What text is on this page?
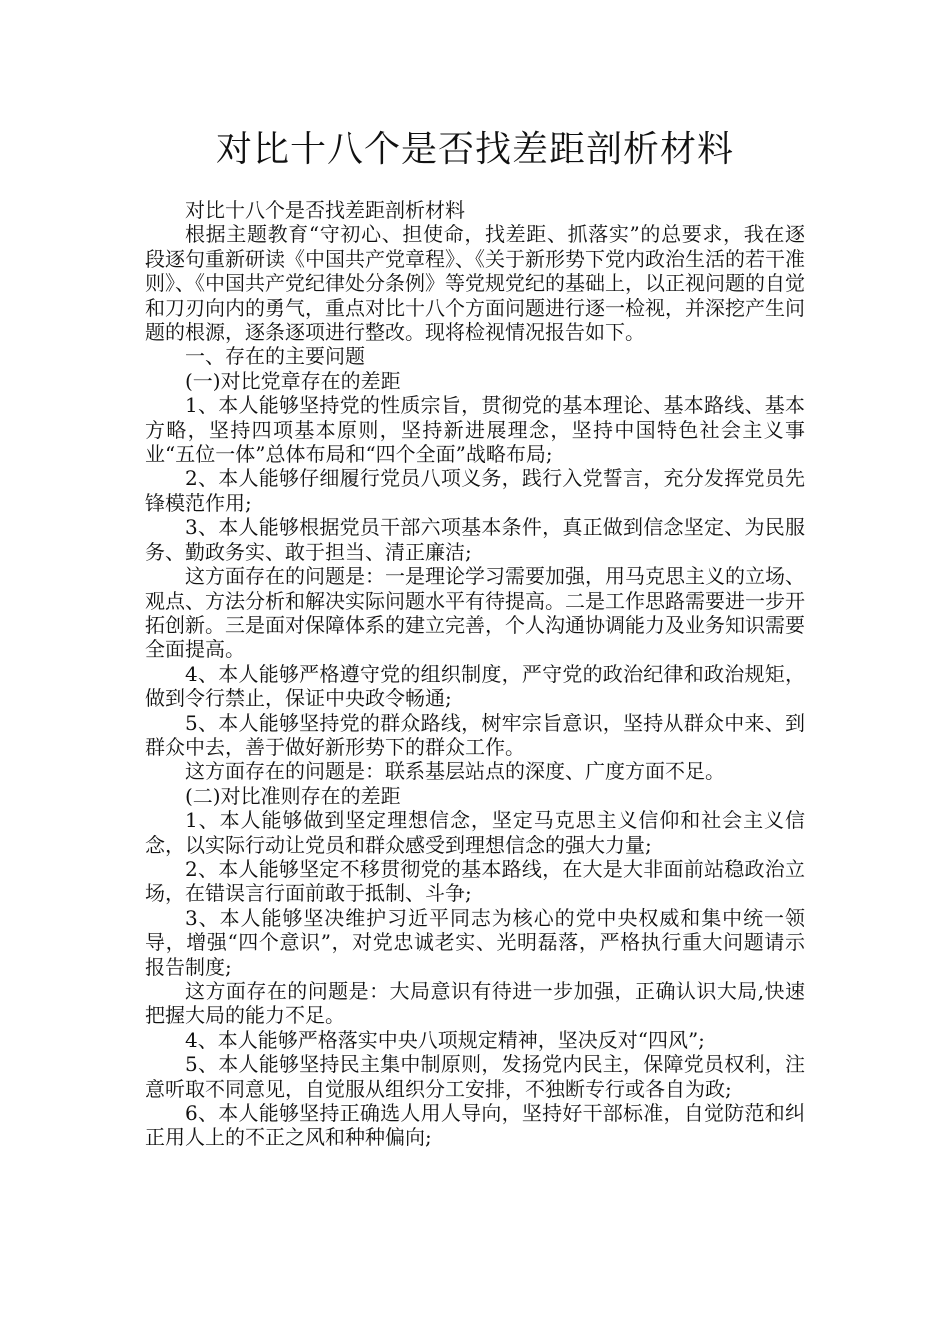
对比十八个是否找差距剖析材料

对比十八个是否找差距剖析材料

根据主题教育“守初心、担使命，找差距、抓落实”的总要求，我在逐段逐句重新研读《中国共产党章程》、《关于新形势下党内政治生活的若干准则》、《中国共产党纪律处分条例》等党规党纪的基础上，以正视问题的自觉和刀刃向内的勇气，重点对比十八个方面问题进行逐一检视，并深挖产生问题的根源，逐条逐项进行整改。现将检视情况报告如下。

一、存在的主要问题

(一)对比党章存在的差距

1、本人能够坚持党的性质宗旨，贯彻党的基本理论、基本路线、基本方略，坚持四项基本原则，坚持新进展理念，坚持中国特色社会主义事业“五位一体”总体布局和“四个全面”战略布局;

2、本人能够仔细履行党员八项义务，践行入党誓言，充分发挥党员先锋模范作用;

3、本人能够根据党员干部六项基本条件，真正做到信念坚定、为民服务、勤政务实、敢于担当、清正廉洁;

这方面存在的问题是：一是理论学习需要加强，用马克思主义的立场、观点、方法分析和解决实际问题水平有待提高。二是工作思路需要进一步开拓创新。三是面对保障体系的建立完善，个人沟通协调能力及业务知识需要全面提高。

4、本人能够严格遵守党的组织制度，严守党的政治纪律和政治规矩，做到令行禁止，保证中央政令畅通;

5、本人能够坚持党的群众路线，树牢宗旨意识，坚持从群众中来、到群众中去，善于做好新形势下的群众工作。

这方面存在的问题是：联系基层站点的深度、广度方面不足。

(二)对比准则存在的差距

1、本人能够做到坚定理想信念，坚定马克思主义信仰和社会主义信念，以实际行动让党员和群众感受到理想信念的强大力量;

2、本人能够坚定不移贯彻党的基本路线，在大是大非面前站稳政治立场，在错误言行面前敢于抵制、斗争;

3、本人能够坚决维护习近平同志为核心的党中央权威和集中统一领导，增强“四个意识”，对党忠诚老实、光明磊落，严格执行重大问题请示报告制度;

这方面存在的问题是：大局意识有待进一步加强，正确认识大局,快速把握大局的能力不足。

4、本人能够严格落实中央八项规定精神，坚决反对“四风”;

5、本人能够坚持民主集中制原则，发扬党内民主，保障党员权利，注意听取不同意见，自觉服从组织分工安排，不独断专行或各自为政;

6、本人能够坚持正确选人用人导向，坚持好干部标准，自觉防范和纠正用人上的不正之风和种种偏向;
